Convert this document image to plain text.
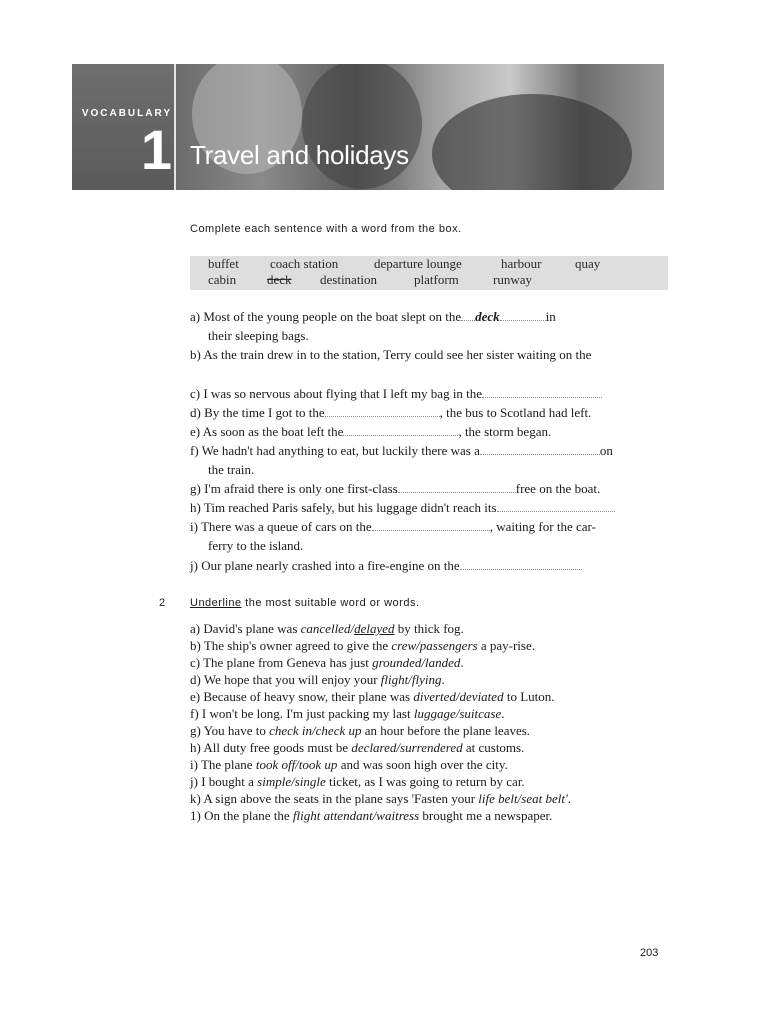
VOCABULARY
1 Travel and holidays
Complete each sentence with a word from the box.
buffet coach station	departure lounge	harbour	quay
cabin deck destination	platform	runway
a) Most of the young people on the boat slept on the deck	in
their sleeping bags.
b) As the train drew in to the station, Terry could see her sister waiting on the
c) I was so nervous about flying that I left my bag in the
d) By the time I got to the	, the bus to Scotland had left.
e) As soon as the boat left the	, the storm began.
f) We hadn't had anything to eat, but luckily there was a	on
the train.
g) I'm afraid there is only one first-class	free on the boat.
h) Tim reached Paris safely, but his luggage didn't reach its
i) There was a queue of cars on the	, waiting for the car-
ferry to the island.
j) Our plane nearly crashed into a fire-engine on the
2 Underline the most suitable word or words.
a) David's plane was cancelled/delayed by thick fog.
b) The ship's owner agreed to give the crew/passengers a pay-rise.
c) The plane from Geneva has just grounded/landed.
d) We hope that you will enjoy your flight/flying.
e) Because of heavy snow, their plane was diverted/deviated to Luton.
f) I won't be long. I'm just packing my last luggage/suitcase.
g) You have to check in/check up an hour before the plane leaves.
h) All duty free goods must be declared/surrendered at customs.
i) The plane took off/took up and was soon high over the city.
j) I bought a simple/single ticket, as I was going to return by car.
k) A sign above the seats in the plane says 'Fasten your life belt/seat belt'.
1) On the plane the flight attendant/waitress brought me a newspaper.
203
